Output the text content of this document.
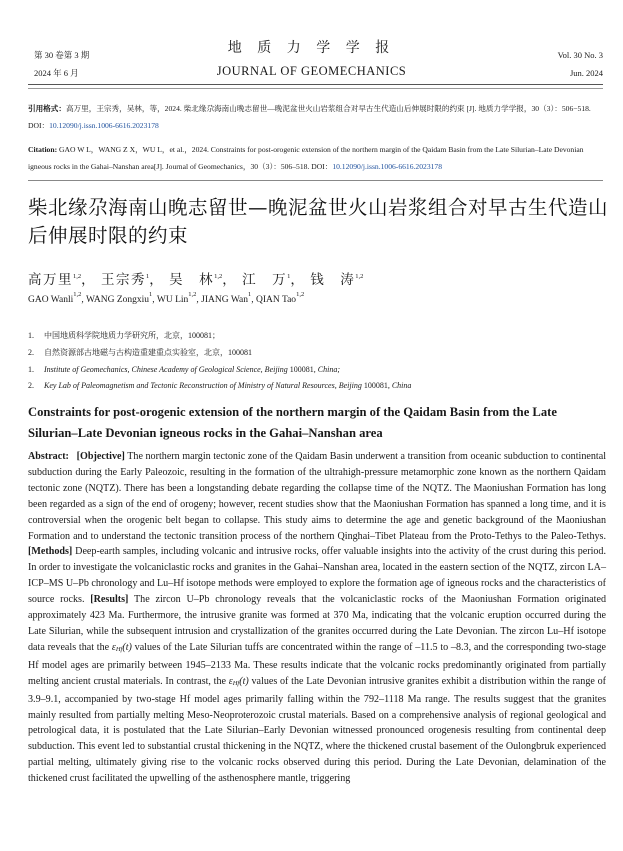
第 30 卷第 3 期
2024 年 6 月
地 质 力 学 学 报
JOURNAL OF GEOMECHANICS
Vol. 30 No. 3
Jun. 2024
引用格式：高万里，王宗秀，吴林，等，2024. 柴北缘尕海南山晚志留世—晚泥盆世火山岩浆组合对早古生代造山后伸展时限的约束 [J]. 地质力学学报，30（3）：506−518. DOI：10.12090/j.issn.1006-6616.2023178
Citation: GAO W L，WANG Z X，WU L，et al.，2024. Constraints for post-orogenic extension of the northern margin of the Qaidam Basin from the Late Silurian–Late Devonian igneous rocks in the Gahai–Nanshan area[J]. Journal of Geomechanics，30（3）：506–518. DOI：10.12090/j.issn.1006-6616.2023178
柴北缘尕海南山晚志留世—晚泥盆世火山岩浆组合对早古生代造山后伸展时限的约束
高万里$^{1,2}$， 王宗秀$^1$， 吴　林$^{1,2}$， 江　万$^1$， 钱　涛$^{1,2}$
GAO Wanli$^{1,2}$, WANG Zongxiu$^1$, WU Lin$^{1,2}$, JIANG Wan$^1$, QIAN Tao$^{1,2}$
1. 中国地质科学院地质力学研究所，北京，100081；
2. 自然资源部古地磁与古构造重建重点实验室，北京，100081
1. Institute of Geomechanics, Chinese Academy of Geological Science, Beijing 100081, China;
2. Key Lab of Paleomagnetism and Tectonic Reconstruction of Ministry of Natural Resources, Beijing 100081, China
Constraints for post-orogenic extension of the northern margin of the Qaidam Basin from the Late Silurian–Late Devonian igneous rocks in the Gahai–Nanshan area
Abstract: [Objective] The northern margin tectonic zone of the Qaidam Basin underwent a transition from oceanic subduction to continental subduction during the Early Paleozoic, resulting in the formation of the ultrahigh-pressure metamorphic zone known as the northern Qaidam tectonic zone (NQTZ). There has been a longstanding debate regarding the collapse time of the NQTZ. The Maoniushan Formation has long been regarded as a sign of the end of orogeny; however, recent studies show that the Maoniushan Formation has spanned a long time, and it is controversial when the orogenic belt began to collapse. This study aims to determine the age and genetic background of the Maoniushan Formation and to understand the tectonic transition process of the northern Qinghai–Tibet Plateau from the Proto-Tethys to the Paleo-Tethys. [Methods] Deep-earth samples, including volcanic and intrusive rocks, offer valuable insights into the activity of the crust during this period. In order to investigate the volcaniclastic rocks and granites in the Gahai–Nanshan area, located in the eastern section of the NQTZ, zircon LA–ICP–MS U–Pb chronology and Lu–Hf isotope methods were employed to explore the formation age of igneous rocks and the characteristics of source rocks. [Results] The zircon U–Pb chronology reveals that the volcaniclastic rocks of the Maoniushan Formation originated approximately 423 Ma. Furthermore, the intrusive granite was formed at 370 Ma, indicating that the volcanic eruption occurred during the Late Silurian, while the subsequent intrusion and crystallization of the granites occurred during the Late Devonian. The zircon Lu–Hf isotope data reveals that the $\varepsilon_{Hf}(t)$ values of the Late Silurian tuffs are concentrated within the range of –11.5 to –8.3, and the corresponding two-stage Hf model ages are primarily between 1945–2133 Ma. These results indicate that the volcanic rocks predominantly originated from partially melting ancient crustal materials. In contrast, the $\varepsilon_{Hf}(t)$ values of the Late Devonian intrusive granites exhibit a distribution within the range of 3.9–9.1, accompanied by two-stage Hf model ages primarily falling within the 792–1118 Ma range. The results suggest that the granites mainly resulted from partially melting Meso-Neoproterozoic crustal materials. Based on a comprehensive analysis of regional geological and petrological data, it is postulated that the Late Silurian–Early Devonian witnessed pronounced orogenesis resulting from continental deep subduction. This event led to substantial crustal thickening in the NQTZ, where the thickened crustal basement of the Oulongbruk experienced partial melting, ultimately giving rise to the volcanic rocks observed during this period. During the Late Devonian, delamination of the thickened crust facilitated the upwelling of the asthenosphere mantle, triggering
